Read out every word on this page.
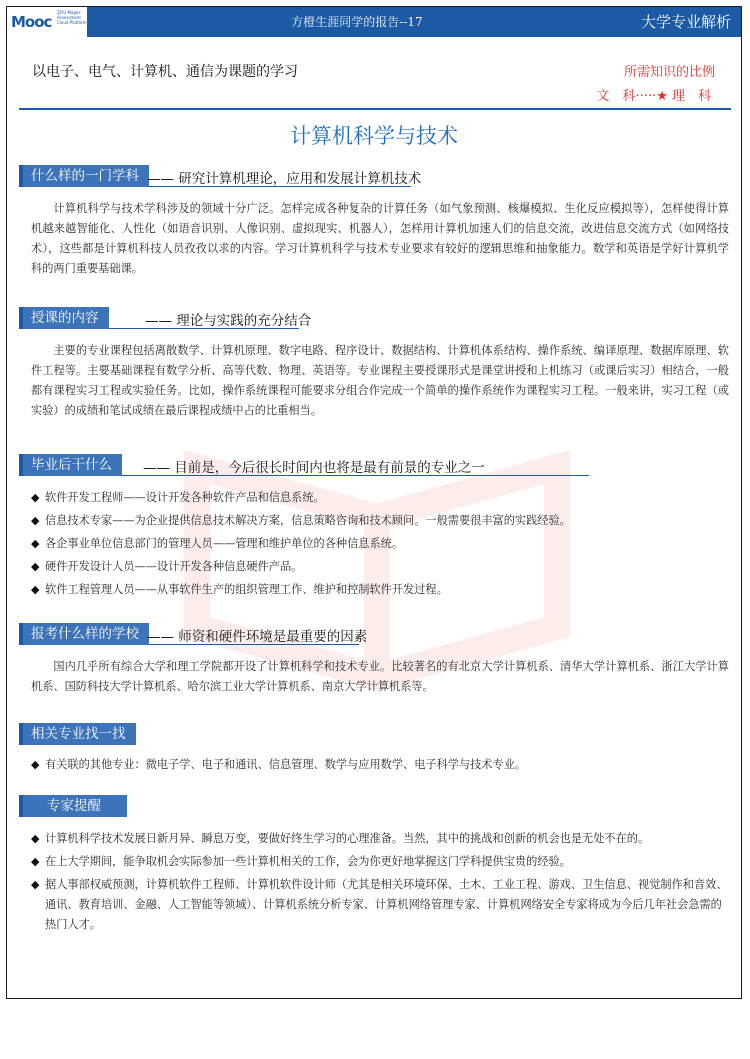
Mooc
ZJYU Mages Assessment Cloud Platform	方橙生涯同学的报告--17	大学专业解析
以电子、电气、计算机、通信为课题的学习	所需知识的比例
文　科·····★ 理　科
计算机科学与技术
什么样的一门学科 —— 研究计算机理论，应用和发展计算机技术
计算机科学与技术学科涉及的领域十分广泛。怎样完成各种复杂的计算任务（如气象预测、核爆模拟、生化反应模拟等），怎样使得计算机越来越智能化、人性化（如语音识别、人像识别、虚拟现实、机器人），怎样用计算机加速人们的信息交流，改进信息交流方式（如网络技术），这些都是计算机科技人员孜孜以求的内容。学习计算机科学与技术专业要求有较好的逻辑思维和抽象能力。数学和英语是学好计算机学科的两门重要基础课。
授课的内容	—— 理论与实践的充分结合
主要的专业课程包括离散数学、计算机原理、数字电路、程序设计、数据结构、计算机体系结构、操作系统、编译原理、数据库原理、软件工程等。主要基础课程有数学分析、高等代数、物理、英语等。专业课程主要授课形式是课堂讲授和上机练习（或课后实习）相结合，一般都有课程实习工程或实验任务。比如，操作系统课程可能要求分组合作完成一个简单的操作系统作为课程实习工程。一般来讲，实习工程（或实验）的成绩和笔试成绩在最后课程成绩中占的比重相当。
毕业后干什么	—— 目前是，今后很长时间内也将是最有前景的专业之一
◆ 软件开发工程师——设计开发各种软件产品和信息系统。
◆ 信息技术专家——为企业提供信息技术解决方案，信息策略咨询和技术顾问。一般需要很丰富的实践经验。
◆ 各企事业单位信息部门的管理人员——管理和维护单位的各种信息系统。
◆ 硬件开发设计人员——设计开发各种信息硬件产品。
◆ 软件工程管理人员——从事软件生产的组织管理工作、维护和控制软件开发过程。
报考什么样的学校 —— 师资和硬件环境是最重要的因素
国内几乎所有综合大学和理工学院都开设了计算机科学和技术专业。比较著名的有北京大学计算机系、清华大学计算机系、浙江大学计算机系、国防科技大学计算机系、哈尔滨工业大学计算机系、南京大学计算机系等。
相关专业找一找
◆ 有关联的其他专业：微电子学、电子和通讯、信息管理、数学与应用数学、电子科学与技术专业。
专家提醒
◆ 计算机科学技术发展日新月异、瞬息万变，要做好终生学习的心理准备。当然，其中的挑战和创新的机会也是无处不在的。
◆ 在上大学期间，能争取机会实际参加一些计算机相关的工作，会为你更好地掌握这门学科提供宝贵的经验。
◆ 据人事部权威预测，计算机软件工程师、计算机软件设计师（尤其是相关环境环保、土木、工业工程、游戏、卫生信息、视觉制作和音效、通讯、教育培训、金融、人工智能等领域）、计算机系统分析专家、计算机网络管理专家、计算机网络安全专家将成为今后几年社会急需的热门人才。
